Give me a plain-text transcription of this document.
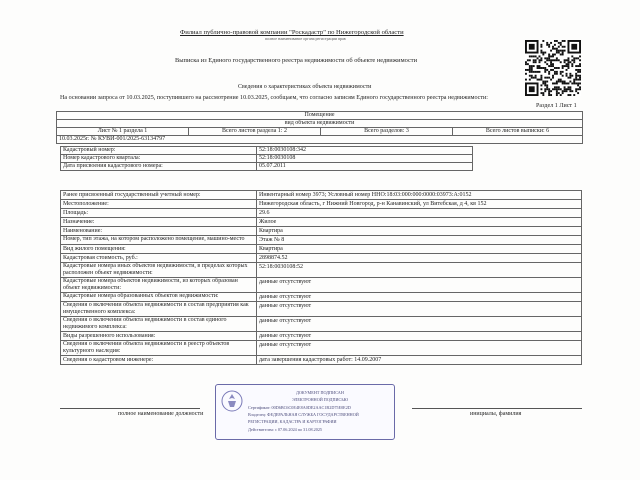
Филиал публично-правовой компании "Роскадастр" по Нижегородской области
полное наименование органа регистрации прав
Выписка из Единого государственного реестра недвижимости об объекте недвижимости
Сведения о характеристиках объекта недвижимости
На основании запроса от 10.03.2025, поступившего на рассмотрение 10.03.2025, сообщаем, что согласно записям Единого государственного реестра недвижимости:
Раздел 1 Лист 1
Помещение
вид объекта недвижимости
Лист № 1 раздела 1	Всего листов раздела 1: 2	Всего разделов: 3	Всего листов выписки: 6
10.03.2025г. № КУВИ-001/2025-63134797
Кадастровый номер:	52:18:0030108:342
Номер кадастрового квартала:	52:18:0030108
Дата присвоения кадастрового номера:	05.07.2011
Ранее присвоенный государственный учетный номер:	Инвентарный номер 3973; Условный номер ННО:18:03:000:000:0000:03973:А:0152
Местоположение:	Нижегородская область, г Нижний Новгород, р-н Канавинский, ул Витебская, д 4, кв 152
Площадь:	29.6
Назначение:	Жилое
Наименование:	Квартира
Номер, тип этажа, на котором расположено помещение, машино-место	Этаж № 8
Вид жилого помещения:	Квартира
Кадастровая стоимость, руб.:	2898874.52
Кадастровые номера иных объектов недвижимости, в пределах которых расположен объект недвижимости:	52:18:0030108:52
Кадастровые номера объектов недвижимости, из которых образован объект недвижимости:	данные отсутствуют
Кадастровые номера образованных объектов недвижимости:	данные отсутствуют
Сведения о включении объекта недвижимости в состав предприятия как имущественного комплекса:	данные отсутствуют
Сведения о включении объекта недвижимости в состав единого недвижимого комплекса:	данные отсутствуют
Виды разрешенного использования:	данные отсутствуют
Сведения о включении объекта недвижимости в реестр объектов культурного наследия:	данные отсутствуют
Сведения о кадастровом инженере:	дата завершения кадастровых работ: 14.09.2007
полное наименование должности	инициалы, фамилия
ДОКУМЕНТ ПОДПИСАН
ЭЛЕКТРОННОЙ ПОДПИСЬЮ
Сертификат: 00D6BC6C0E4E8A0DE2AAC1B2D75E0E2D
Владелец: ФЕДЕРАЛЬНАЯ СЛУЖБА ГОСУДАРСТВЕННОЙ
РЕГИСТРАЦИИ, КАДАСТРА И КАРТОГРАФИИ
Действителен: с 07.06.2024 по 31.08.2025
